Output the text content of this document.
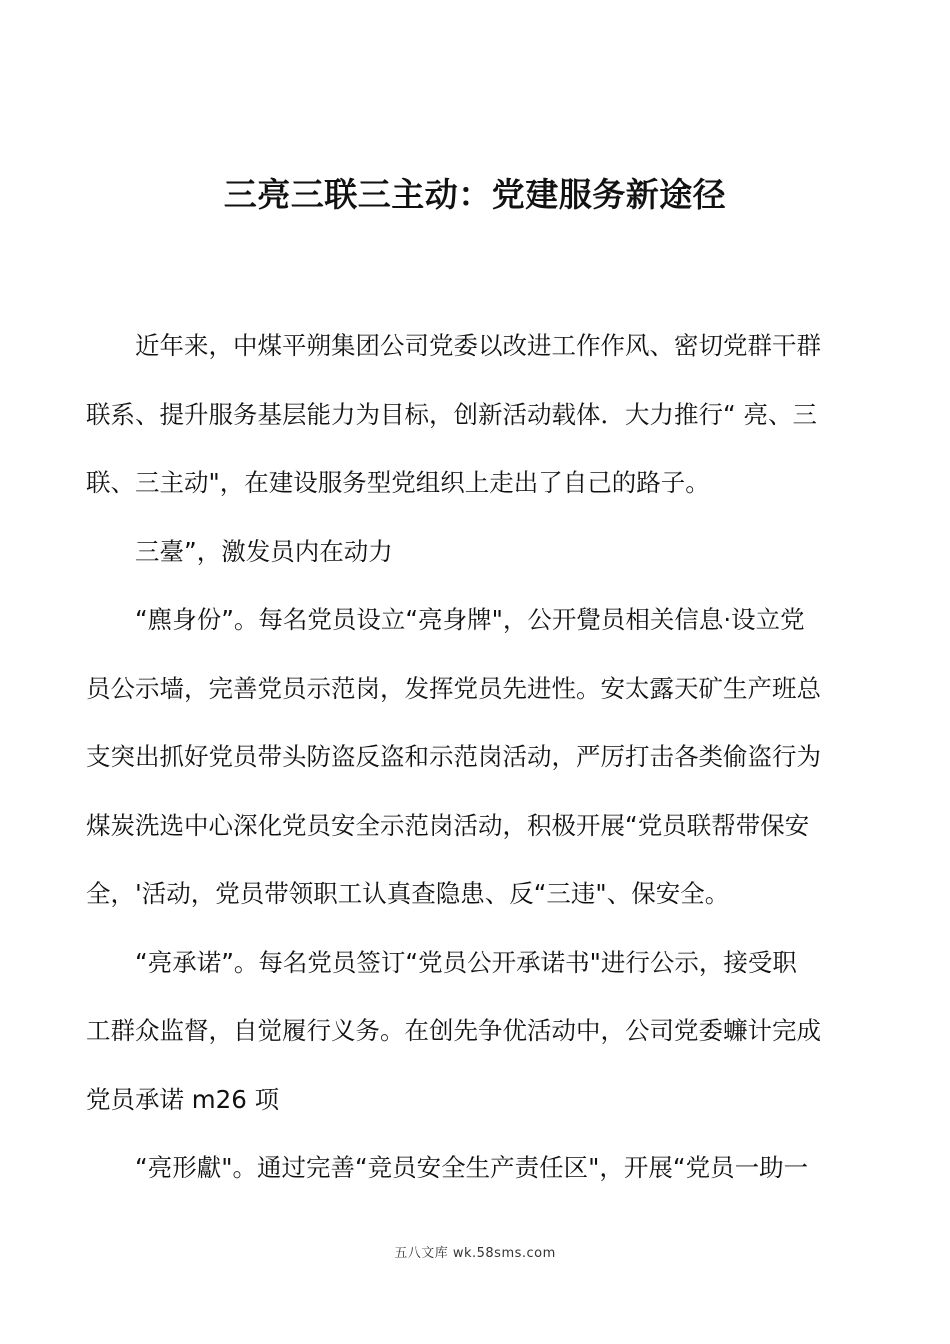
三亮三联三主动：党建服务新途径

近年来，中煤平朔集团公司党委以改进工作作风、密切党群干群
联系、提升服务基层能力为目标，创新活动载体．大力推行“ 亮、三
联、三主动"，在建设服务型党组织上走出了自己的路子。

三臺”，激发员内在动力

“麃身份”。每名党员设立“亮身牌"，公开覺员相关信息·设立党
员公示墙，完善党员示范岗，发挥党员先进性。安太露天矿生产班总
支突出抓好党员带头防盗反盗和示范岗活动，严厉打击各类偷盗行为
煤炭洗选中心深化党员安全示范岗活动，积极开展“党员联帮带保安
全，'活动，党员带领职工认真查隐患、反“三违"、保安全。

“亮承诺”。每名党员签订“党员公开承诺书"进行公示，接受职
工群众监督，自觉履行义务。在创先争优活动中，公司党委蠊计完成
党员承诺 m26 项

“亮形獻"。通过完善“竞员安全生产责任区"，开展“党员一助一

五八文库 wk.58sms.com
